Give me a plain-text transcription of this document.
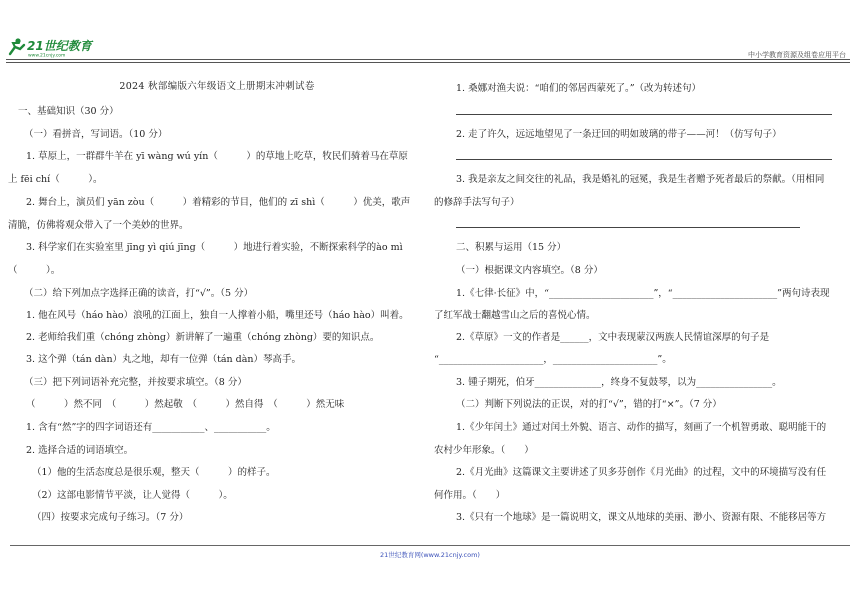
21世纪教育
www.21cnjy.com	中小学教育资源及组卷应用平台
2024 秋部编版六年级语文上册期末冲刺试卷
一、基础知识（30 分）
（一）看拼音，写词语。（10 分）
1. 草原上，一群群牛羊在 yī wàng wú yín（　　　）的草地上吃草，牧民们骑着马在草原
上 fēi chí（　　　）。
2. 舞台上，演员们 yān zòu（　　　）着精彩的节目，他们的 zī shì（　　　）优美，歌声
清脆，仿佛将观众带入了一个美妙的世界。
3. 科学家们在实验室里 jīng yì qiú jīng（　　　）地进行着实验，不断探索科学的ào mì
（　　　）。
（二）给下列加点字选择正确的读音，打“√”。（5 分）
1. 他在风号（háo hào）浪吼的江面上，独自一人撑着小船，嘴里还号（háo hào）叫着。
2. 老师给我们重（chóng zhòng）新讲解了一遍重（chóng zhòng）要的知识点。
3. 这个弹（tán dàn）丸之地，却有一位弹（tán dàn）琴高手。
（三）把下列词语补充完整，并按要求填空。（8 分）
（　　　）然不同　（　　　）然起敬　（　　　）然自得　（　　　）然无味
1. 含有“然”字的四字词语还有___________、___________。
2. 选择合适的词语填空。
（1）他的生活态度总是很乐观，整天（　　　）的样子。
（2）这部电影情节平淡，让人觉得（　　　）。
（四）按要求完成句子练习。（7 分）
1. 桑娜对渔夫说：“咱们的邻居西蒙死了。”（改为转述句）
2. 走了许久，远远地望见了一条迂回的明如玻璃的带子——河！（仿写句子）
3. 我是亲友之间交往的礼品，我是婚礼的冠冕，我是生者赠予死者最后的祭献。（用相同
的修辞手法写句子）
二、积累与运用（15 分）
（一）根据课文内容填空。（8 分）
1.《七律·长征》中，“______________________”，“______________________”两句诗表现
了红军战士翻越雪山之后的喜悦心情。
2.《草原》一文的作者是______，文中表现蒙汉两族人民情谊深厚的句子是
“______________________，______________________”。
3. 锺子期死，伯牙______________，终身不复鼓琴，以为________________。
（二）判断下列说法的正误，对的打“√”，错的打“×”。（7 分）
1.《少年闰土》通过对闰土外貌、语言、动作的描写，刻画了一个机智勇敢、聪明能干的
农村少年形象。（　　）
2.《月光曲》这篇课文主要讲述了贝多芬创作《月光曲》的过程，文中的环境描写没有任
何作用。（　　）
3.《只有一个地球》是一篇说明文，课文从地球的美丽、渺小、资源有限、不能移居等方
21世纪教育网(www.21cnjy.com)
